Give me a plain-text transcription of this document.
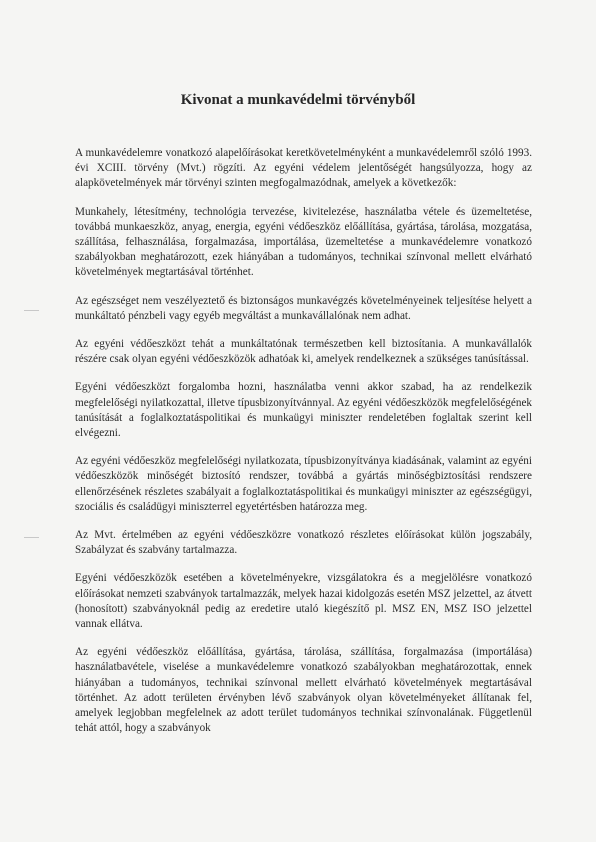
Kivonat a munkavédelmi törvényből

A munkavédelemre vonatkozó alapelőírásokat keretkövetelményként a munkavédelemről szóló 1993. évi XCIII. törvény (Mvt.) rögzíti. Az egyéni védelem jelentőségét hangsúlyozza, hogy az alapkövetelmények már törvényi szinten megfogalmazódnak, amelyek a következők:

Munkahely, létesítmény, technológia tervezése, kivitelezése, használatba vétele és üzemeltetése, továbbá munkaeszköz, anyag, energia, egyéni védőeszköz előállítása, gyártása, tárolása, mozgatása, szállítása, felhasználása, forgalmazása, importálása, üzemeltetése a munkavédelemre vonatkozó szabályokban meghatározott, ezek hiányában a tudományos, technikai színvonal mellett elvárható követelmények megtartásával történhet.

Az egészséget nem veszélyeztető és biztonságos munkavégzés követelményeinek teljesítése helyett a munkáltató pénzbeli vagy egyéb megváltást a munkavállalónak nem adhat.

Az egyéni védőeszközt tehát a munkáltatónak természetben kell biztosítania. A munkavállalók részére csak olyan egyéni védőeszközök adhatóak ki, amelyek rendelkeznek a szükséges tanúsítással.

Egyéni védőeszközt forgalomba hozni, használatba venni akkor szabad, ha az rendelkezik megfelelőségi nyilatkozattal, illetve típusbizonyítvánnyal. Az egyéni védőeszközök megfelelőségének tanúsítását a foglalkoztatáspolitikai és munkaügyi miniszter rendeletében foglaltak szerint kell elvégezni.

Az egyéni védőeszköz megfelelőségi nyilatkozata, típusbizonyítványa kiadásának, valamint az egyéni védőeszközök minőségét biztosító rendszer, továbbá a gyártás minőségbiztosítási rendszere ellenőrzésének részletes szabályait a foglalkoztatáspolitikai és munkaügyi miniszter az egészségügyi, szociális és családügyi miniszterrel egyetértésben határozza meg.

Az Mvt. értelmében az egyéni védőeszközre vonatkozó részletes előírásokat külön jogszabály, Szabályzat és szabvány tartalmazza.

Egyéni védőeszközök esetében a követelményekre, vizsgálatokra és a megjelölésre vonatkozó előírásokat nemzeti szabványok tartalmazzák, melyek hazai kidolgozás esetén MSZ jelzettel, az átvett (honosított) szabványoknál pedig az eredetire utaló kiegészítő pl. MSZ EN, MSZ ISO jelzettel vannak ellátva.

Az egyéni védőeszköz előállítása, gyártása, tárolása, szállítása, forgalmazása (importálása) használatbavétele, viselése a munkavédelemre vonatkozó szabályokban meghatározottak, ennek hiányában a tudományos, technikai színvonal mellett elvárható követelmények megtartásával történhet. Az adott területen érvényben lévő szabványok olyan követelményeket állítanak fel, amelyek legjobban megfelelnek az adott terület tudományos technikai színvonalának. Függetlenül tehát attól, hogy a szabványok
